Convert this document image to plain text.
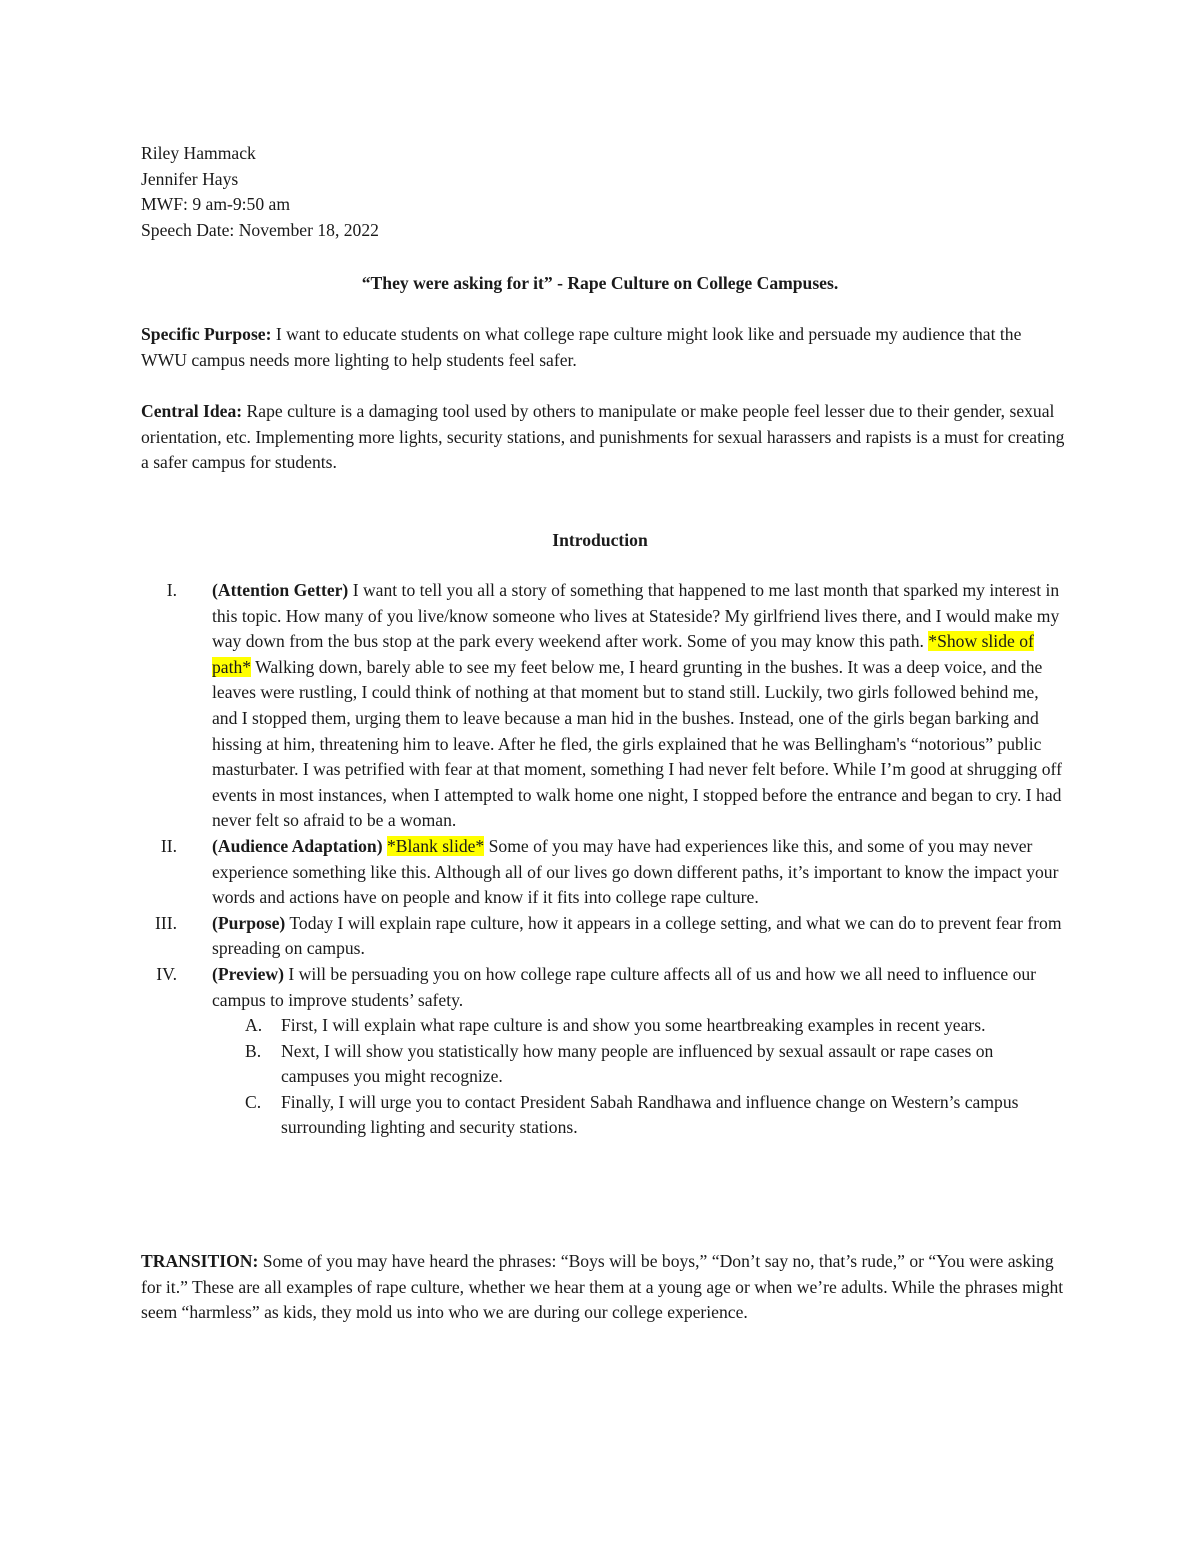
Riley Hammack
Jennifer Hays
MWF: 9 am-9:50 am
Speech Date: November 18, 2022
“They were asking for it” - Rape Culture on College Campuses.
Specific Purpose: I want to educate students on what college rape culture might look like and persuade my audience that the WWU campus needs more lighting to help students feel safer.
Central Idea: Rape culture is a damaging tool used by others to manipulate or make people feel lesser due to their gender, sexual orientation, etc. Implementing more lights, security stations, and punishments for sexual harassers and rapists is a must for creating a safer campus for students.
Introduction
I. (Attention Getter) I want to tell you all a story of something that happened to me last month that sparked my interest in this topic. How many of you live/know someone who lives at Stateside? My girlfriend lives there, and I would make my way down from the bus stop at the park every weekend after work. Some of you may know this path. *Show slide of path* Walking down, barely able to see my feet below me, I heard grunting in the bushes. It was a deep voice, and the leaves were rustling, I could think of nothing at that moment but to stand still. Luckily, two girls followed behind me, and I stopped them, urging them to leave because a man hid in the bushes. Instead, one of the girls began barking and hissing at him, threatening him to leave. After he fled, the girls explained that he was Bellingham's “notorious” public masturbater. I was petrified with fear at that moment, something I had never felt before. While I’m good at shrugging off events in most instances, when I attempted to walk home one night, I stopped before the entrance and began to cry. I had never felt so afraid to be a woman.
II. (Audience Adaptation) *Blank slide* Some of you may have had experiences like this, and some of you may never experience something like this. Although all of our lives go down different paths, it’s important to know the impact your words and actions have on people and know if it fits into college rape culture.
III. (Purpose) Today I will explain rape culture, how it appears in a college setting, and what we can do to prevent fear from spreading on campus.
IV. (Preview) I will be persuading you on how college rape culture affects all of us and how we all need to influence our campus to improve students’ safety.
A.	First, I will explain what rape culture is and show you some heartbreaking examples in recent years.
B.	Next, I will show you statistically how many people are influenced by sexual assault or rape cases on campuses you might recognize.
C.	Finally, I will urge you to contact President Sabah Randhawa and influence change on Western’s campus surrounding lighting and security stations.
TRANSITION: Some of you may have heard the phrases: “Boys will be boys,” “Don’t say no, that’s rude,” or “You were asking for it.” These are all examples of rape culture, whether we hear them at a young age or when we’re adults. While the phrases might seem “harmless” as kids, they mold us into who we are during our college experience.
